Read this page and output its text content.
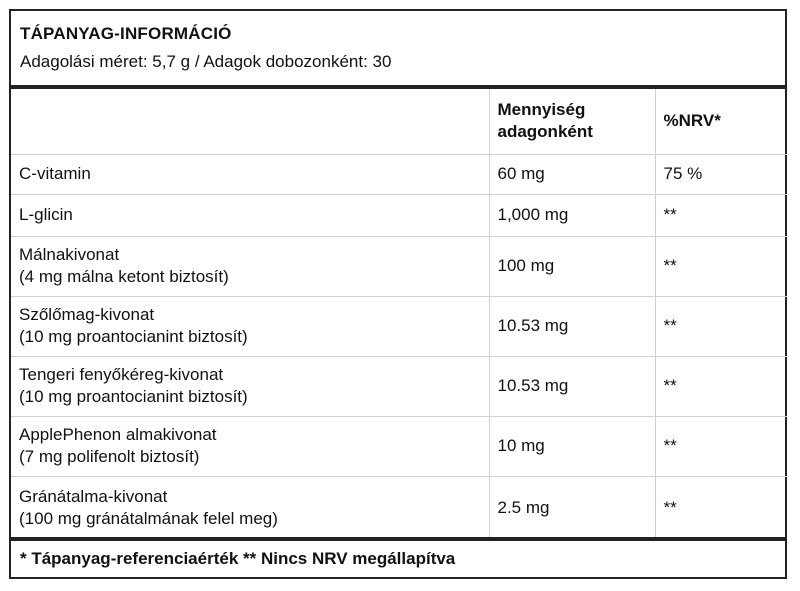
TÁPANYAG-INFORMÁCIÓ
Adagolási méret: 5,7 g / Adagok dobozonként: 30
	Mennyiség adagonként	%NRV*
C-vitamin	60 mg	75 %
L-glicin	1,000 mg	**

Málnakivonat
(4 mg málna ketont biztosít)	100 mg	**

Szőlőmag-kivonat
(10 mg proantocianint biztosít)	10.53 mg	**

Tengeri fenyőkéreg-kivonat
(10 mg proantocianint biztosít)	10.53 mg	**

ApplePhenon almakivonat
(7 mg polifenolt biztosít)	10 mg	**

Gránátalma-kivonat
(100 mg gránátalmának felel meg)	2.5 mg	**
* Tápanyag-referenciaérték ** Nincs NRV megállapítva
